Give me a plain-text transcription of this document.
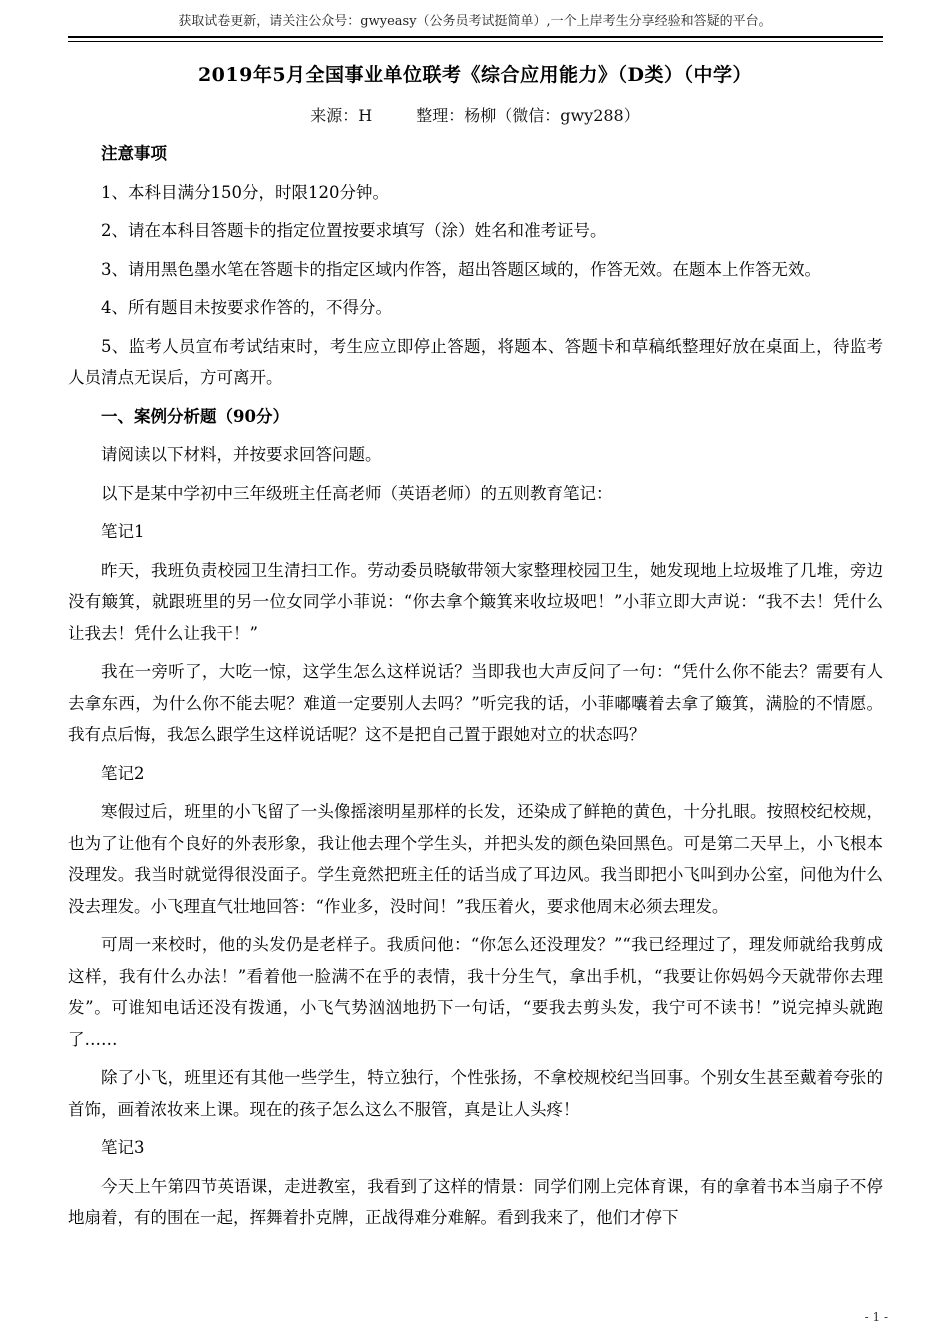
获取试卷更新，请关注公众号：gwyeasy（公务员考试挺简单）,一个上岸考生分享经验和答疑的平台。
2019年5月全国事业单位联考《综合应用能力》（D类）（中学）
来源：H	整理：杨柳（微信：gwy288）

注意事项

1、本科目满分150分，时限120分钟。

2、请在本科目答题卡的指定位置按要求填写（涂）姓名和准考证号。

3、请用黑色墨水笔在答题卡的指定区域内作答，超出答题区域的，作答无效。在题本上作答无效。

4、所有题目未按要求作答的，不得分。

5、监考人员宣布考试结束时，考生应立即停止答题，将题本、答题卡和草稿纸整理好放在桌面上，待监考人员清点无误后，方可离开。

一、案例分析题（90分）

请阅读以下材料，并按要求回答问题。

以下是某中学初中三年级班主任高老师（英语老师）的五则教育笔记：

笔记1

昨天，我班负责校园卫生清扫工作。劳动委员晓敏带领大家整理校园卫生，她发现地上垃圾堆了几堆，旁边没有簸箕，就跟班里的另一位女同学小菲说：“你去拿个簸箕来收垃圾吧！”小菲立即大声说：“我不去！凭什么让我去！凭什么让我干！”

我在一旁听了，大吃一惊，这学生怎么这样说话？当即我也大声反问了一句：“凭什么你不能去？需要有人去拿东西，为什么你不能去呢？难道一定要别人去吗？”听完我的话，小菲嘟囔着去拿了簸箕，满脸的不情愿。我有点后悔，我怎么跟学生这样说话呢？这不是把自己置于跟她对立的状态吗？

笔记2

寒假过后，班里的小飞留了一头像摇滚明星那样的长发，还染成了鲜艳的黄色，十分扎眼。按照校纪校规，也为了让他有个良好的外表形象，我让他去理个学生头，并把头发的颜色染回黑色。可是第二天早上，小飞根本没理发。我当时就觉得很没面子。学生竟然把班主任的话当成了耳边风。我当即把小飞叫到办公室，问他为什么没去理发。小飞理直气壮地回答：“作业多，没时间！”我压着火，要求他周末必须去理发。

可周一来校时，他的头发仍是老样子。我质问他：“你怎么还没理发？”“我已经理过了，理发师就给我剪成这样，我有什么办法！”看着他一脸满不在乎的表情，我十分生气，拿出手机，“我要让你妈妈今天就带你去理发”。可谁知电话还没有拨通，小飞气势汹汹地扔下一句话，“要我去剪头发，我宁可不读书！”说完掉头就跑了……

除了小飞，班里还有其他一些学生，特立独行，个性张扬，不拿校规校纪当回事。个别女生甚至戴着夸张的首饰，画着浓妆来上课。现在的孩子怎么这么不服管，真是让人头疼！

笔记3

今天上午第四节英语课，走进教室，我看到了这样的情景：同学们刚上完体育课，有的拿着书本当扇子不停地扇着，有的围在一起，挥舞着扑克牌，正战得难分难解。看到我来了，他们才停下

- 1 -
